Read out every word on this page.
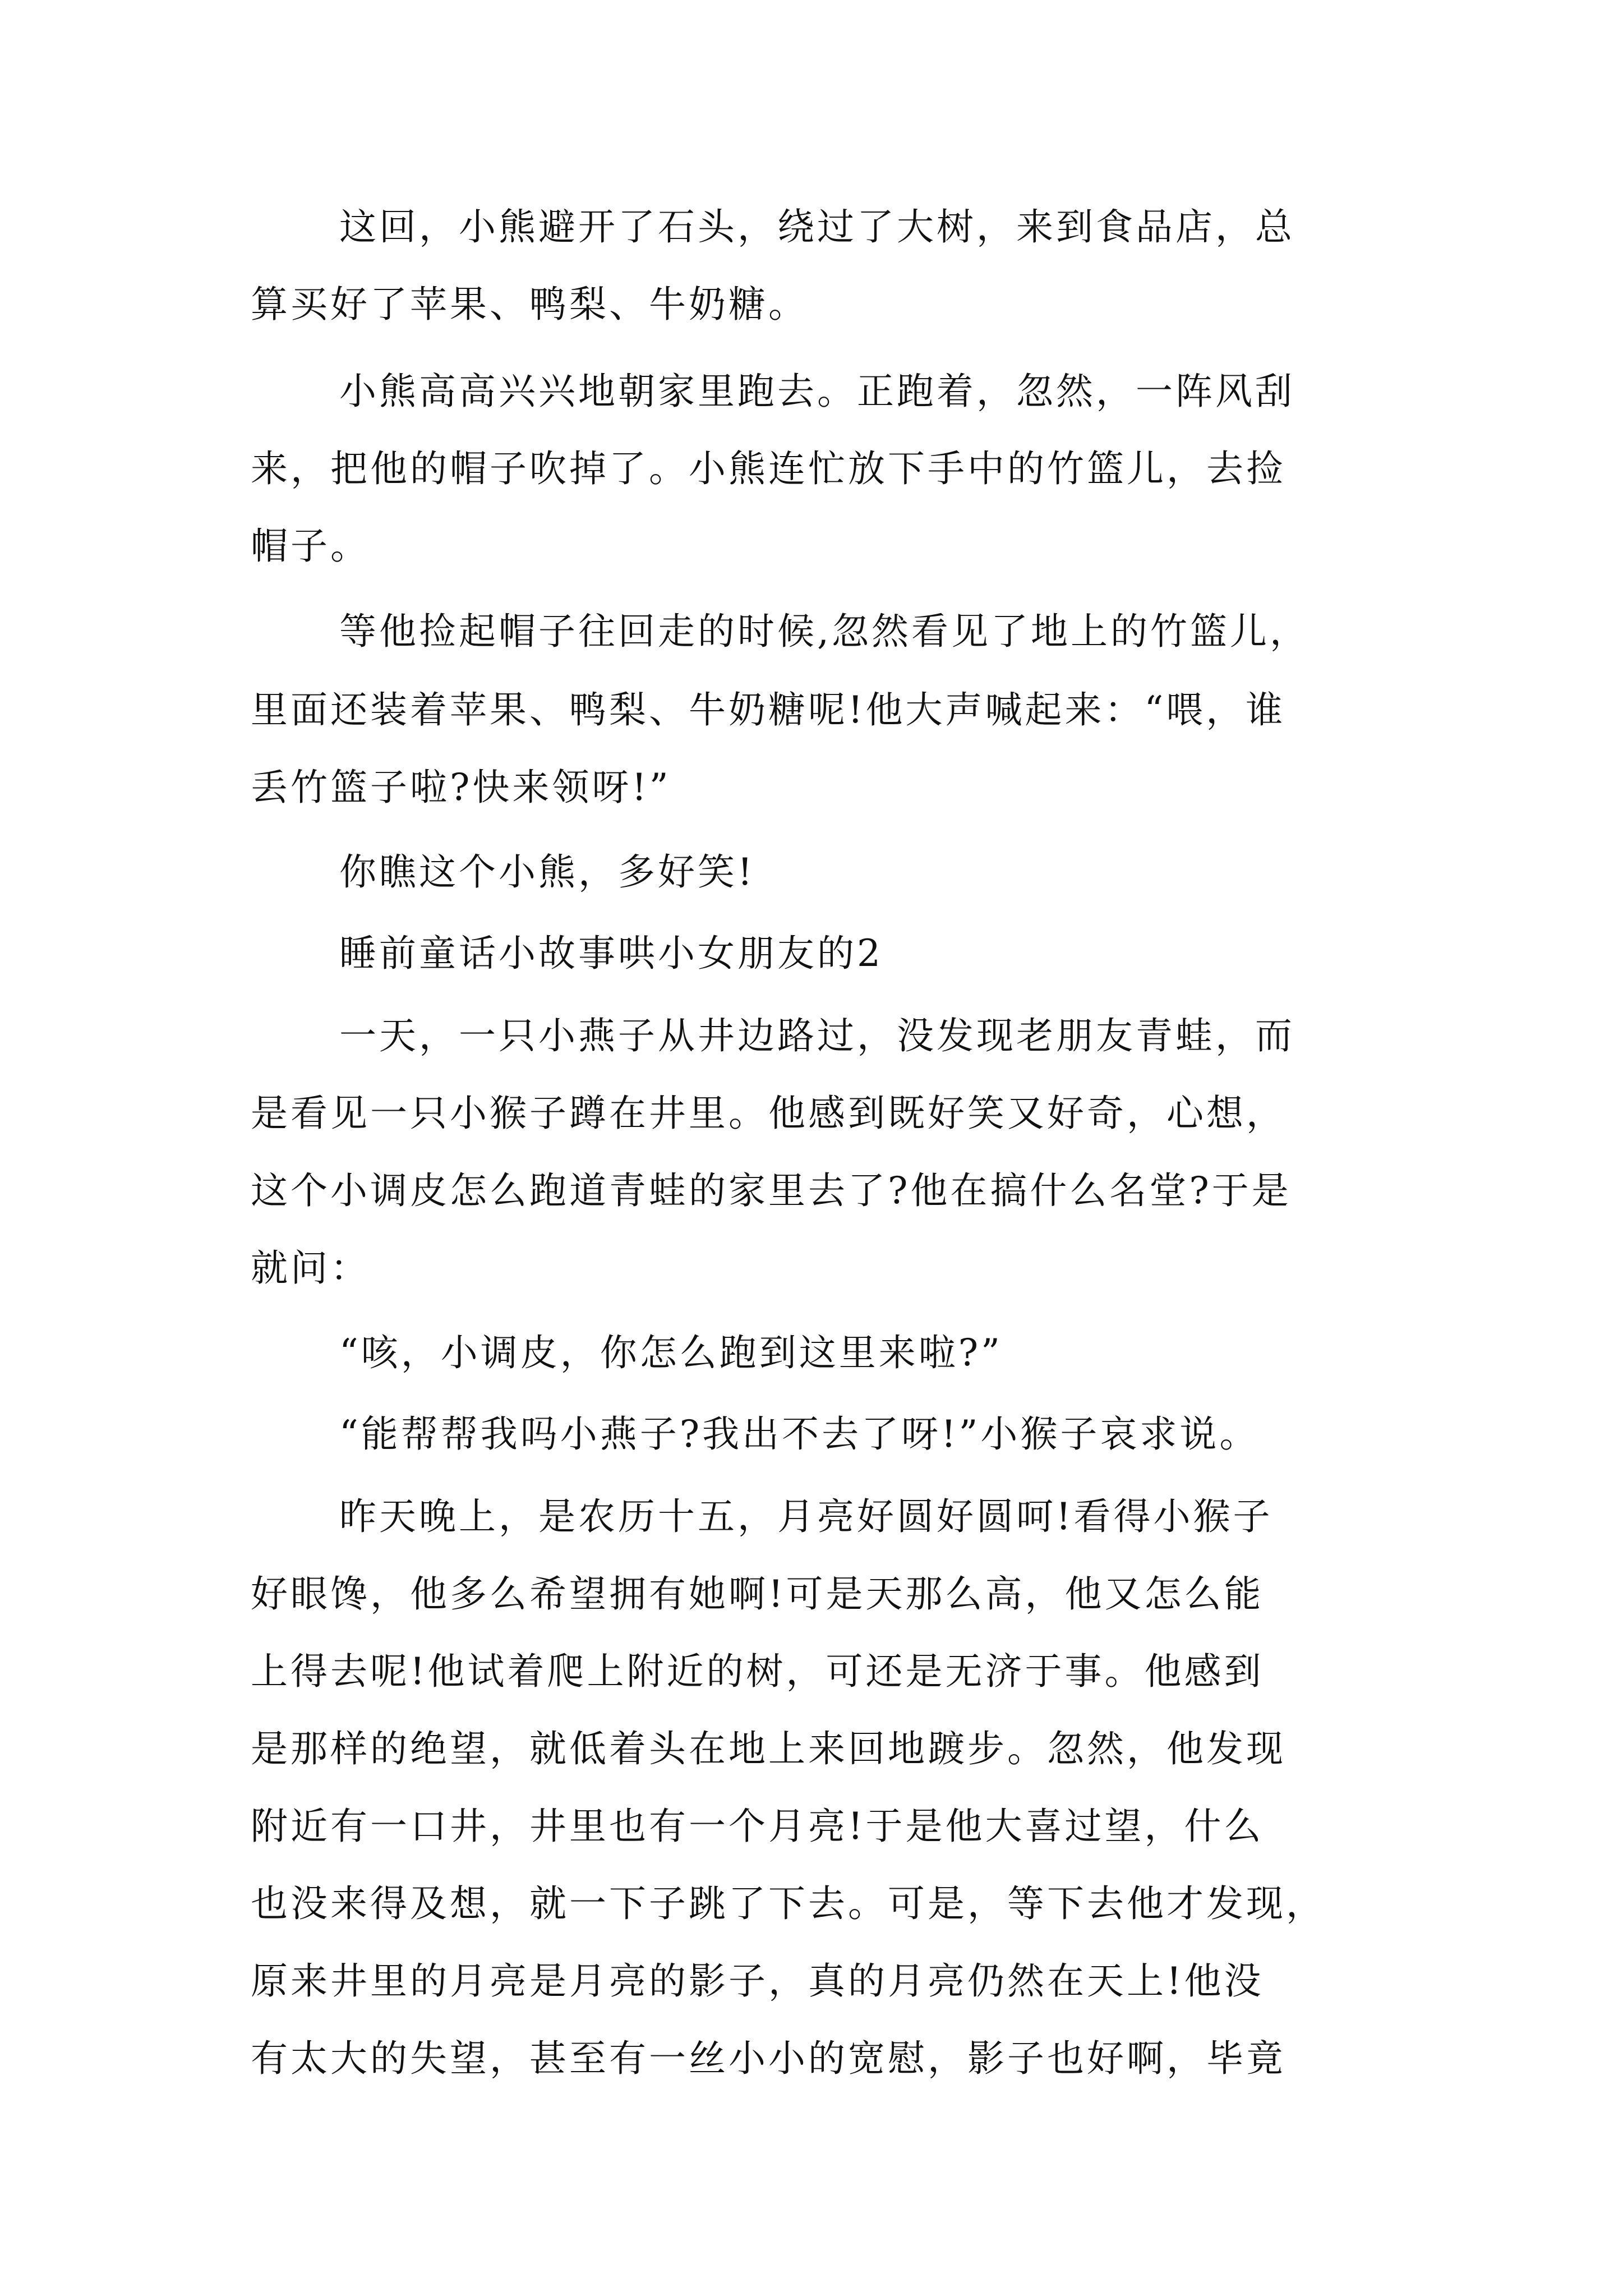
这回，小熊避开了石头，绕过了大树，来到食品店，总
算买好了苹果、鸭梨、牛奶糖。
小熊高高兴兴地朝家里跑去。正跑着，忽然，一阵风刮
来，把他的帽子吹掉了。小熊连忙放下手中的竹篮儿，去捡
帽子。
等他捡起帽子往回走的时候,忽然看见了地上的竹篮儿，
里面还装着苹果、鸭梨、牛奶糖呢!他大声喊起来：“喂，谁
丢竹篮子啦?快来领呀!”
你瞧这个小熊，多好笑!
睡前童话小故事哄小女朋友的2
一天，一只小燕子从井边路过，没发现老朋友青蛙，而
是看见一只小猴子蹲在井里。他感到既好笑又好奇，心想，
这个小调皮怎么跑道青蛙的家里去了?他在搞什么名堂?于是
就问：
“咳，小调皮，你怎么跑到这里来啦?”
“能帮帮我吗小燕子?我出不去了呀!”小猴子哀求说。
昨天晚上，是农历十五，月亮好圆好圆呵!看得小猴子
好眼馋，他多么希望拥有她啊!可是天那么高，他又怎么能
上得去呢!他试着爬上附近的树，可还是无济于事。他感到
是那样的绝望，就低着头在地上来回地踱步。忽然，他发现
附近有一口井，井里也有一个月亮!于是他大喜过望，什么
也没来得及想，就一下子跳了下去。可是，等下去他才发现，
原来井里的月亮是月亮的影子，真的月亮仍然在天上!他没
有太大的失望，甚至有一丝小小的宽慰，影子也好啊，毕竟
